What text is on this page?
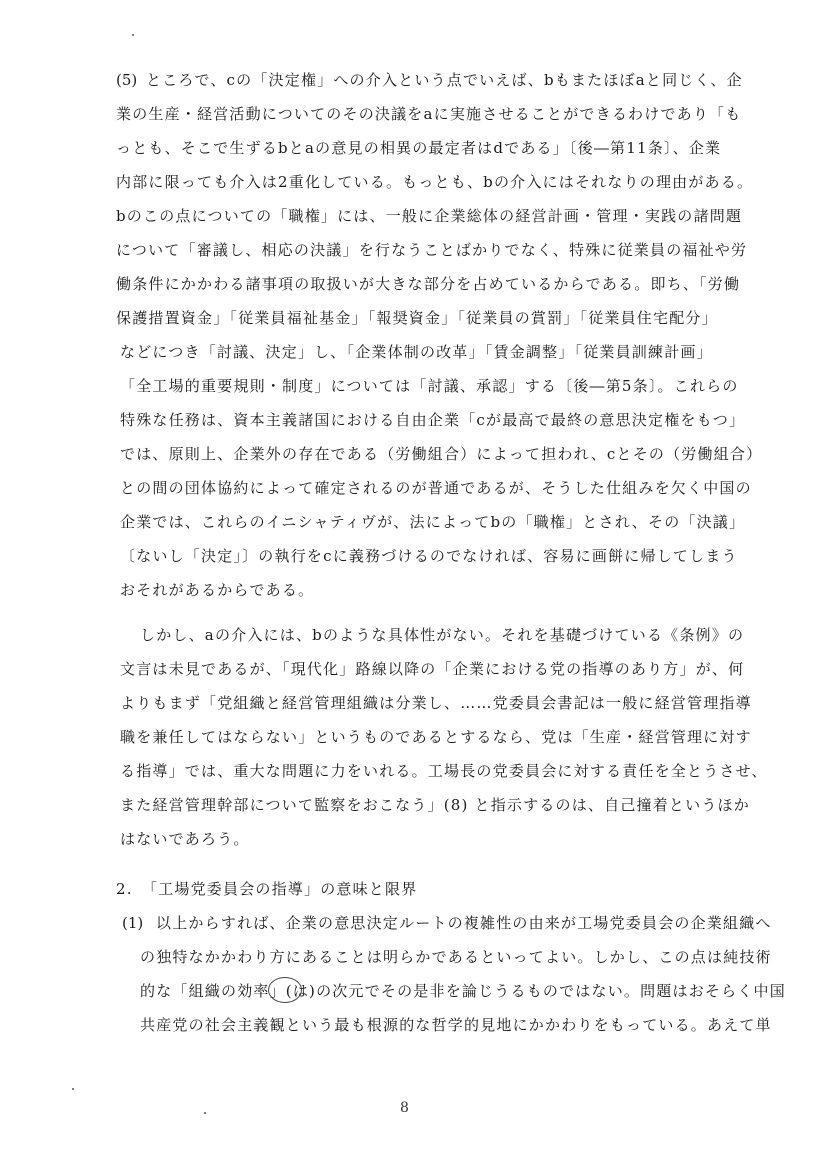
(5) ところで、cの「決定権」への介入という点でいえば、bもまたほぼaと同じく、企
業の生産・経営活動についてのその決議をaに実施させることができるわけであり「も
っとも、そこで生ずるbとaの意見の相異の最定者はdである」〔後―第11条〕、企業
内部に限っても介入は2重化している。もっとも、bの介入にはそれなりの理由がある。
bのこの点についての「職権」には、一般に企業総体の経営計画・管理・実践の諸問題
について「審議し、相応の決議」を行なうことばかりでなく、特殊に従業員の福祉や労
働条件にかかわる諸事項の取扱いが大きな部分を占めているからである。即ち、「労働
保護措置資金」「従業員福祉基金」「報奨資金」「従業員の賞罰」「従業員住宅配分」
などにつき「討議、決定」し、「企業体制の改革」「賃金調整」「従業員訓練計画」
「全工場的重要規則・制度」については「討議、承認」する〔後―第5条〕。これらの
特殊な任務は、資本主義諸国における自由企業「cが最高で最終の意思決定権をもつ」
では、原則上、企業外の存在である（労働組合）によって担われ、cとその（労働組合）
との間の団体協約によって確定されるのが普通であるが、そうした仕組みを欠く中国の
企業では、これらのイニシャティヴが、法によってbの「職権」とされ、その「決議」
〔ないし「決定」〕の執行をcに義務づけるのでなければ、容易に画餅に帰してしまう
おそれがあるからである。
しかし、aの介入には、bのような具体性がない。それを基礎づけている《条例》の
文言は未見であるが、「現代化」路線以降の「企業における党の指導のあり方」が、何
よりもまず「党組織と経営管理組織は分業し、……党委員会書記は一般に経営管理指導
職を兼任してはならない」というものであるとするなら、党は「生産・経営管理に対す
る指導」では、重大な問題に力をいれる。工場長の党委員会に対する責任を全とうさせ、
また経営管理幹部について監察をおこなう」(8) と指示するのは、自己撞着というほか
はないであろう。
2. 「工場党委員会の指導」の意味と限界
(1) 以上からすれば、企業の意思決定ルートの複雑性の由来が工場党委員会の企業組織へ
の独特なかかわり方にあることは明らかであるといってよい。しかし、この点は純技術
的な「組織の効率」(は)の次元でその是非を論じうるものではない。問題はおそらく中国
共産党の社会主義観という最も根源的な哲学的見地にかかわりをもっている。あえて単
8
